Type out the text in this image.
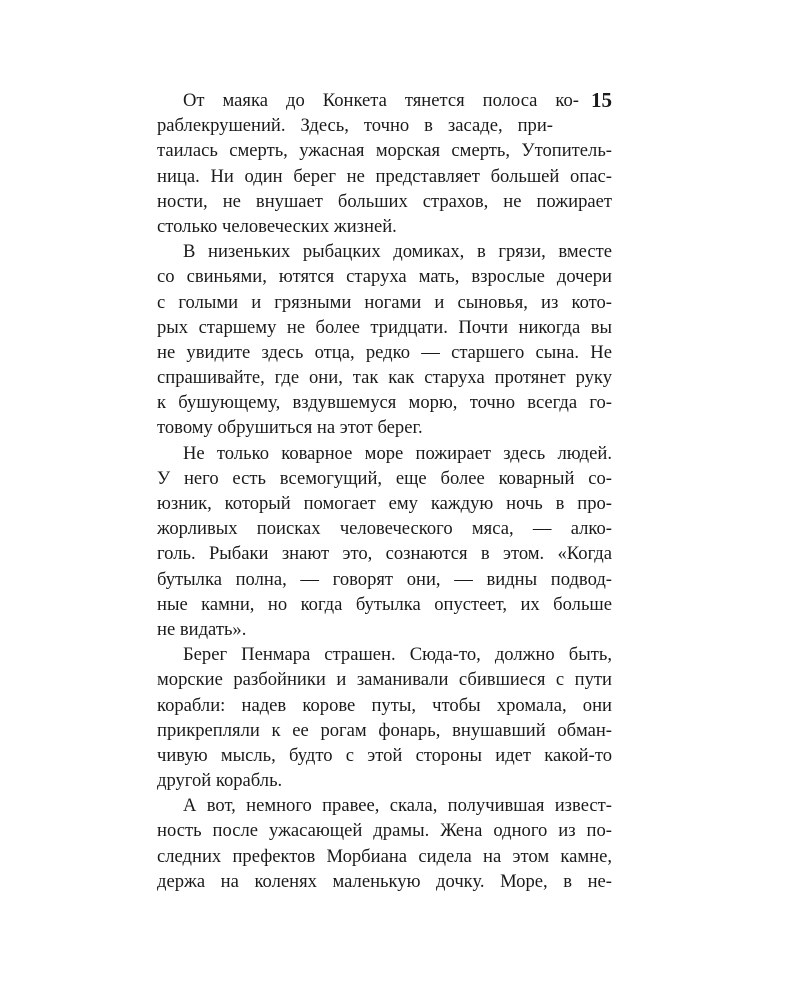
15
От маяка до Конкета тянется полоса ко-
раблекрушений. Здесь, точно в засаде, при-
таилась смерть, ужасная морская смерть, Утопитель-
ница. Ни один берег не представляет большей опас-
ности, не внушает больших страхов, не пожирает
столько человеческих жизней.
В низеньких рыбацких домиках, в грязи, вместе
со свиньями, ютятся старуха мать, взрослые дочери
с голыми и грязными ногами и сыновья, из кото-
рых старшему не более тридцати. Почти никогда вы
не увидите здесь отца, редко — старшего сына. Не
спрашивайте, где они, так как старуха протянет руку
к бушующему, вздувшемуся морю, точно всегда го-
товому обрушиться на этот берег.
Не только коварное море пожирает здесь людей.
У него есть всемогущий, еще более коварный со-
юзник, который помогает ему каждую ночь в про-
жорливых поисках человеческого мяса, — алко-
голь. Рыбаки знают это, сознаются в этом. «Когда
бутылка полна, — говорят они, — видны подвод-
ные камни, но когда бутылка опустеет, их больше
не видать».
Берег Пенмара страшен. Сюда-то, должно быть,
морские разбойники и заманивали сбившиеся с пути
корабли: надев корове путы, чтобы хромала, они
прикрепляли к ее рогам фонарь, внушавший обман-
чивую мысль, будто с этой стороны идет какой-то
другой корабль.
А вот, немного правее, скала, получившая извест-
ность после ужасающей драмы. Жена одного из по-
следних префектов Морбиана сидела на этом камне,
держа на коленях маленькую дочку. Море, в не-
